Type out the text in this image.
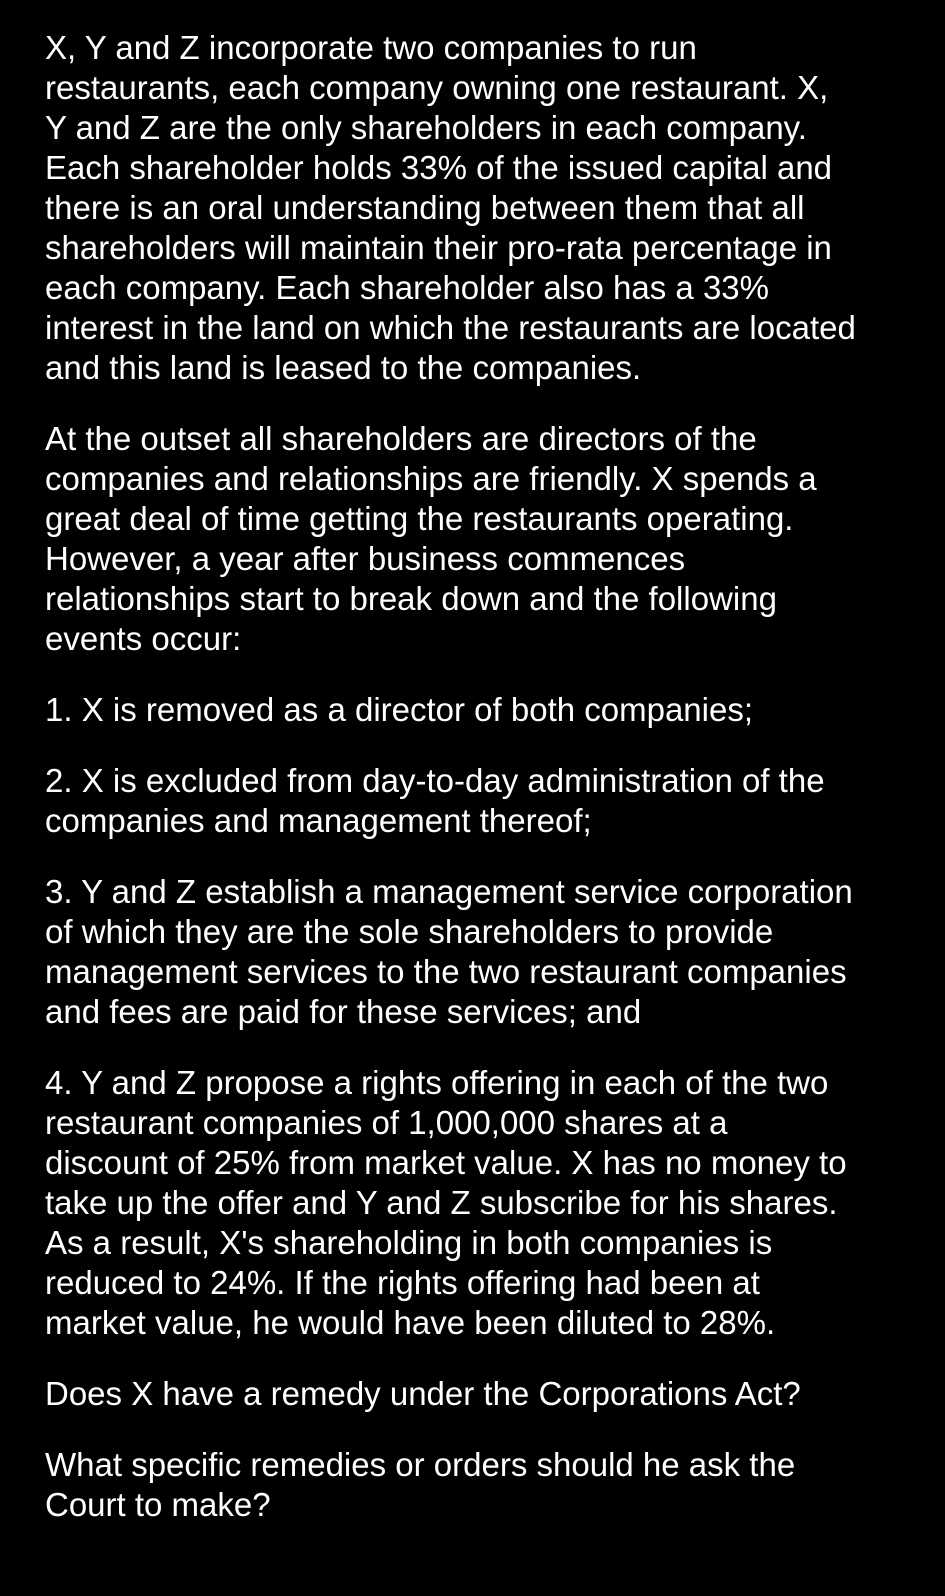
X, Y and Z incorporate two companies to run
restaurants, each company owning one restaurant. X,
Y and Z are the only shareholders in each company.
Each shareholder holds 33% of the issued capital and
there is an oral understanding between them that all
shareholders will maintain their pro-rata percentage in
each company. Each shareholder also has a 33%
interest in the land on which the restaurants are located
and this land is leased to the companies.

At the outset all shareholders are directors of the
companies and relationships are friendly. X spends a
great deal of time getting the restaurants operating.
However, a year after business commences
relationships start to break down and the following
events occur:

1. X is removed as a director of both companies;

2. X is excluded from day-to-day administration of the
companies and management thereof;

3. Y and Z establish a management service corporation
of which they are the sole shareholders to provide
management services to the two restaurant companies
and fees are paid for these services; and

4. Y and Z propose a rights offering in each of the two
restaurant companies of 1,000,000 shares at a
discount of 25% from market value. X has no money to
take up the offer and Y and Z subscribe for his shares.
As a result, X's shareholding in both companies is
reduced to 24%. If the rights offering had been at
market value, he would have been diluted to 28%.

Does X have a remedy under the Corporations Act?

What specific remedies or orders should he ask the
Court to make?
